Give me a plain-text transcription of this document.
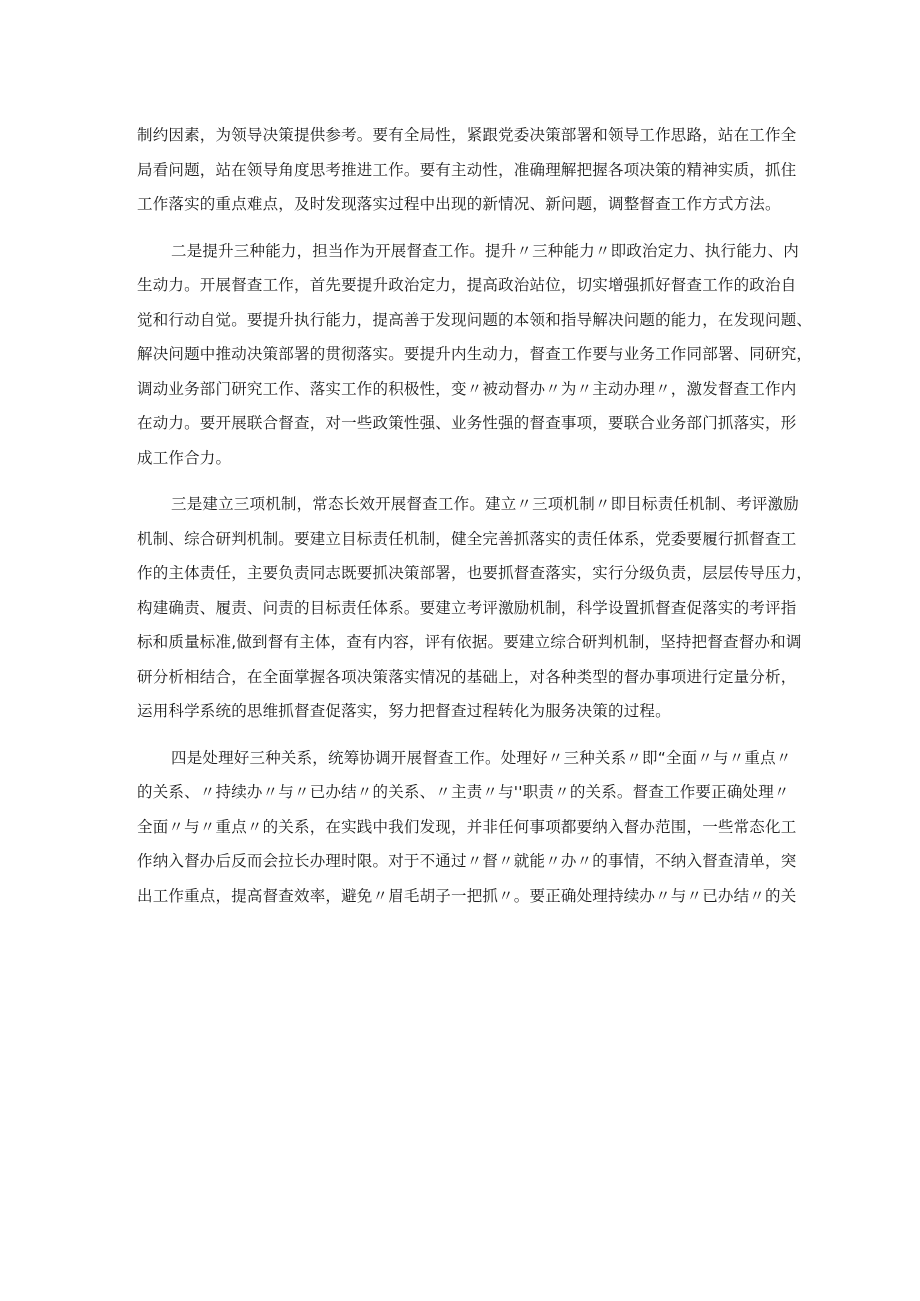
制约因素，为领导决策提供参考。要有全局性，紧跟党委决策部署和领导工作思路，站在工作全
局看问题，站在领导角度思考推进工作。要有主动性，准确理解把握各项决策的精神实质，抓住
工作落实的重点难点，及时发现落实过程中出现的新情况、新问题，调整督查工作方式方法。
二是提升三种能力，担当作为开展督查工作。提升〃三种能力〃即政治定力、执行能力、内
生动力。开展督查工作，首先要提升政治定力，提高政治站位，切实增强抓好督查工作的政治自
觉和行动自觉。要提升执行能力，提高善于发现问题的本领和指导解决问题的能力，在发现问题、
解决问题中推动决策部署的贯彻落实。要提升内生动力，督查工作要与业务工作同部署、同研究，
调动业务部门研究工作、落实工作的积极性，变〃被动督办〃为〃主动办理〃，激发督查工作内
在动力。要开展联合督查，对一些政策性强、业务性强的督查事项，要联合业务部门抓落实，形
成工作合力。
三是建立三项机制，常态长效开展督查工作。建立〃三项机制〃即目标责任机制、考评激励
机制、综合研判机制。要建立目标责任机制，健全完善抓落实的责任体系，党委要履行抓督查工
作的主体责任，主要负责同志既要抓决策部署，也要抓督查落实，实行分级负责，层层传导压力，
构建确责、履责、问责的目标责任体系。要建立考评激励机制，科学设置抓督查促落实的考评指
标和质量标准,做到督有主体，查有内容，评有依据。要建立综合研判机制，坚持把督查督办和调
研分析相结合，在全面掌握各项决策落实情况的基础上，对各种类型的督办事项进行定量分析，
运用科学系统的思维抓督查促落实，努力把督查过程转化为服务决策的过程。
四是处理好三种关系，统筹协调开展督查工作。处理好〃三种关系〃即“全面〃与〃重点〃
的关系、〃持续办〃与〃已办结〃的关系、〃主责〃与''职责〃的关系。督查工作要正确处理〃
全面〃与〃重点〃的关系，在实践中我们发现，并非任何事项都要纳入督办范围，一些常态化工
作纳入督办后反而会拉长办理时限。对于不通过〃督〃就能〃办〃的事情，不纳入督查清单，突
出工作重点，提高督查效率，避免〃眉毛胡子一把抓〃。要正确处理持续办〃与〃已办结〃的关
